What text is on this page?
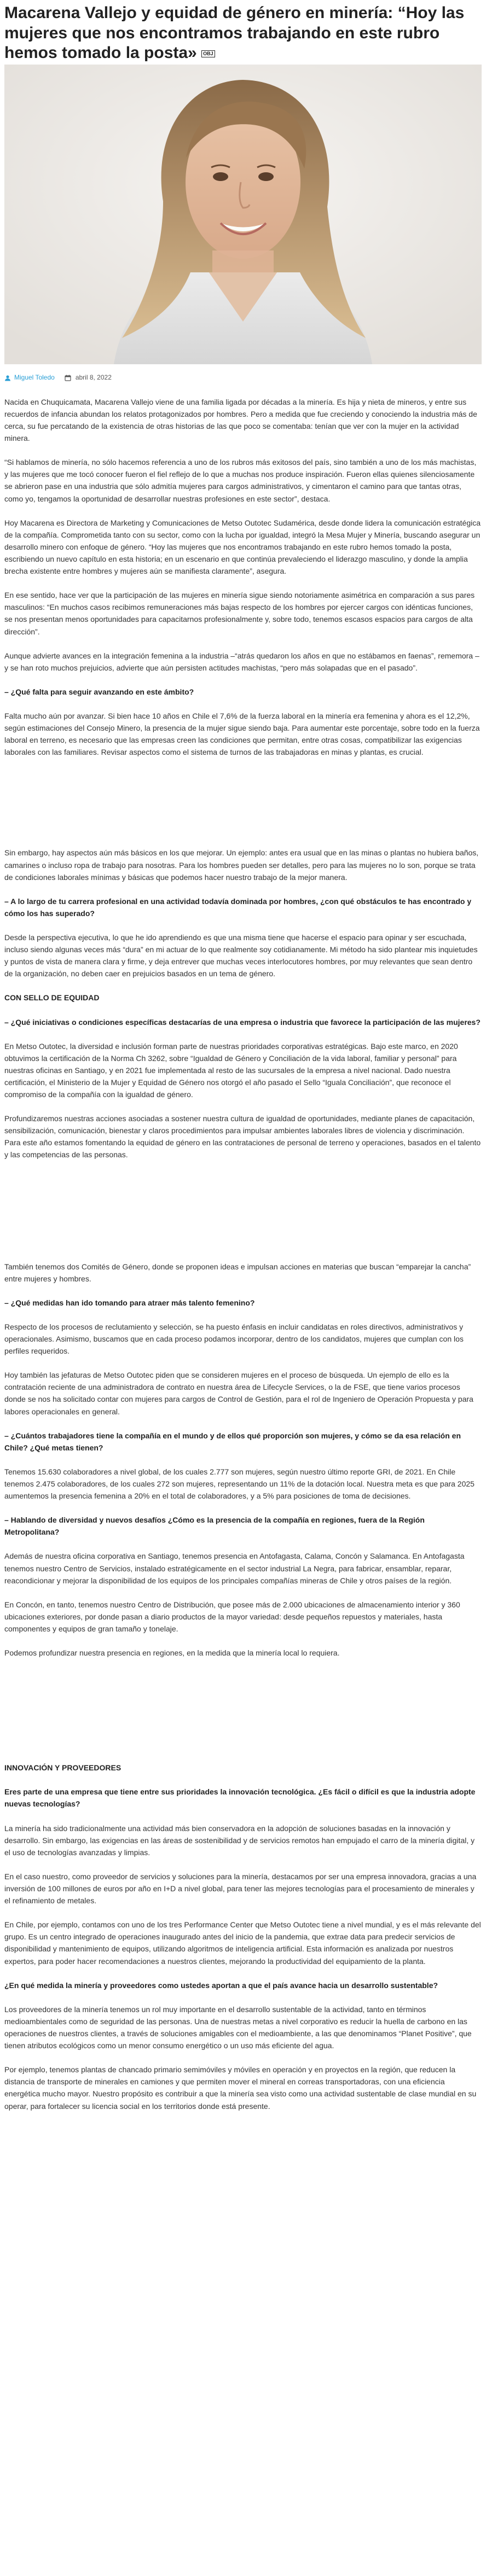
Macarena Vallejo y equidad de género en minería: “Hoy las mujeres que nos encontramos trabajando en este rubro hemos tomado la posta» OBJ
Miguel Toledo	abril 8, 2022

Nacida en Chuquicamata, Macarena Vallejo viene de una familia ligada por décadas a la minería. Es hija y nieta de mineros, y entre sus recuerdos de infancia abundan los relatos protagonizados por hombres. Pero a medida que fue creciendo y conociendo la industria más de cerca, su fue percatando de la existencia de otras historias de las que poco se comentaba: tenían que ver con la mujer en la actividad minera.

“Si hablamos de minería, no sólo hacemos referencia a uno de los rubros más exitosos del país, sino también a uno de los más machistas, y las mujeres que me tocó conocer fueron el fiel reflejo de lo que a muchas nos produce inspiración. Fueron ellas quienes silenciosamente se abrieron pase en una industria que sólo admitía mujeres para cargos administrativos, y cimentaron el camino para que tantas otras, como yo, tengamos la oportunidad de desarrollar nuestras profesiones en este sector”, destaca.

Hoy Macarena es Directora de Marketing y Comunicaciones de Metso Outotec Sudamérica, desde donde lidera la comunicación estratégica de la compañía. Comprometida tanto con su sector, como con la lucha por igualdad, integró la Mesa Mujer y Minería, buscando asegurar un desarrollo minero con enfoque de género. “Hoy las mujeres que nos encontramos trabajando en este rubro hemos tomado la posta, escribiendo un nuevo capítulo en esta historia; en un escenario en que continúa prevaleciendo el liderazgo masculino, y donde la amplia brecha existente entre hombres y mujeres aún se manifiesta claramente”, asegura.

En ese sentido, hace ver que la participación de las mujeres en minería sigue siendo notoriamente asimétrica en comparación a sus pares masculinos: “En muchos casos recibimos remuneraciones más bajas respecto de los hombres por ejercer cargos con idénticas funciones, se nos presentan menos oportunidades para capacitarnos profesionalmente y, sobre todo, tenemos escasos espacios para cargos de alta dirección”.

Aunque advierte avances en la integración femenina a la industria –“atrás quedaron los años en que no estábamos en faenas”, rememora – y se han roto muchos prejuicios, advierte que aún persisten actitudes machistas, “pero más solapadas que en el pasado”.

– ¿Qué falta para seguir avanzando en este ámbito?

Falta mucho aún por avanzar. Si bien hace 10 años en Chile el 7,6% de la fuerza laboral en la minería era femenina y ahora es el 12,2%, según estimaciones del Consejo Minero, la presencia de la mujer sigue siendo baja. Para aumentar este porcentaje, sobre todo en la fuerza laboral en terreno, es necesario que las empresas creen las condiciones que permitan, entre otras cosas, compatibilizar las exigencias laborales con las familiares. Revisar aspectos como el sistema de turnos de las trabajadoras en minas y plantas, es crucial.

Sin embargo, hay aspectos aún más básicos en los que mejorar. Un ejemplo: antes era usual que en las minas o plantas no hubiera baños, camarines o incluso ropa de trabajo para nosotras. Para los hombres pueden ser detalles, pero para las mujeres no lo son, porque se trata de condiciones laborales mínimas y básicas que podemos hacer nuestro trabajo de la mejor manera.

– A lo largo de tu carrera profesional en una actividad todavía dominada por hombres, ¿con qué obstáculos te has encontrado y cómo los has superado?

Desde la perspectiva ejecutiva, lo que he ido aprendiendo es que una misma tiene que hacerse el espacio para opinar y ser escuchada, incluso siendo algunas veces más “dura” en mi actuar de lo que realmente soy cotidianamente. Mi método ha sido plantear mis inquietudes y puntos de vista de manera clara y firme, y deja entrever que muchas veces interlocutores hombres, por muy relevantes que sean dentro de la organización, no deben caer en prejuicios basados en un tema de género.

CON SELLO DE EQUIDAD

– ¿Qué iniciativas o condiciones específicas destacarías de una empresa o industria que favorece la participación de las mujeres?

En Metso Outotec, la diversidad e inclusión forman parte de nuestras prioridades corporativas estratégicas. Bajo este marco, en 2020 obtuvimos la certificación de la Norma Ch 3262, sobre “Igualdad de Género y Conciliación de la vida laboral, familiar y personal” para nuestras oficinas en Santiago, y en 2021 fue implementada al resto de las sucursales de la empresa a nivel nacional. Dado nuestra certificación, el Ministerio de la Mujer y Equidad de Género nos otorgó el año pasado el Sello “Iguala Conciliación”, que reconoce el compromiso de la compañía con la igualdad de género.

Profundizaremos nuestras acciones asociadas a sostener nuestra cultura de igualdad de oportunidades, mediante planes de capacitación, sensibilización, comunicación, bienestar y claros procedimientos para impulsar ambientes laborales libres de violencia y discriminación. Para este año estamos fomentando la equidad de género en las contrataciones de personal de terreno y operaciones, basados en el talento y las competencias de las personas.

También tenemos dos Comités de Género, donde se proponen ideas e impulsan acciones en materias que buscan “emparejar la cancha” entre mujeres y hombres.

– ¿Qué medidas han ido tomando para atraer más talento femenino?

Respecto de los procesos de reclutamiento y selección, se ha puesto énfasis en incluir candidatas en roles directivos, administrativos y operacionales. Asimismo, buscamos que en cada proceso podamos incorporar, dentro de los candidatos, mujeres que cumplan con los perfiles requeridos.

Hoy también las jefaturas de Metso Outotec piden que se consideren mujeres en el proceso de búsqueda. Un ejemplo de ello es la contratación reciente de una administradora de contrato en nuestra área de Lifecycle Services, o la de FSE, que tiene varios procesos donde se nos ha solicitado contar con mujeres para cargos de Control de Gestión, para el rol de Ingeniero de Operación Propuesta y para labores operacionales en general.

– ¿Cuántos trabajadores tiene la compañía en el mundo y de ellos qué proporción son mujeres, y cómo se da esa relación en Chile? ¿Qué metas tienen?

Tenemos 15.630 colaboradores a nivel global, de los cuales 2.777 son mujeres, según nuestro último reporte GRI, de 2021. En Chile tenemos 2.475 colaboradores, de los cuales 272 son mujeres, representando un 11% de la dotación local. Nuestra meta es que para 2025 aumentemos la presencia femenina a 20% en el total de colaboradores, y a 5% para posiciones de toma de decisiones.

– Hablando de diversidad y nuevos desafíos ¿Cómo es la presencia de la compañía en regiones, fuera de la Región Metropolitana?

Además de nuestra oficina corporativa en Santiago, tenemos presencia en Antofagasta, Calama, Concón y Salamanca. En Antofagasta tenemos nuestro Centro de Servicios, instalado estratégicamente en el sector industrial La Negra, para fabricar, ensamblar, reparar, reacondicionar y mejorar la disponibilidad de los equipos de los principales compañías mineras de Chile y otros países de la región.

En Concón, en tanto, tenemos nuestro Centro de Distribución, que posee más de 2.000 ubicaciones de almacenamiento interior y 360 ubicaciones exteriores, por donde pasan a diario productos de la mayor variedad: desde pequeños repuestos y materiales, hasta componentes y equipos de gran tamaño y tonelaje.

Podemos profundizar nuestra presencia en regiones, en la medida que la minería local lo requiera.

INNOVACIÓN Y PROVEEDORES

Eres parte de una empresa que tiene entre sus prioridades la innovación tecnológica. ¿Es fácil o difícil es que la industria adopte nuevas tecnologías?

La minería ha sido tradicionalmente una actividad más bien conservadora en la adopción de soluciones basadas en la innovación y desarrollo. Sin embargo, las exigencias en las áreas de sostenibilidad y de servicios remotos han empujado el carro de la minería digital, y el uso de tecnologías avanzadas y limpias.

En el caso nuestro, como proveedor de servicios y soluciones para la minería, destacamos por ser una empresa innovadora, gracias a una inversión de 100 millones de euros por año en I+D a nivel global, para tener las mejores tecnologías para el procesamiento de minerales y el refinamiento de metales.

En Chile, por ejemplo, contamos con uno de los tres Performance Center que Metso Outotec tiene a nivel mundial, y es el más relevante del grupo. Es un centro integrado de operaciones inaugurado antes del inicio de la pandemia, que extrae data para predecir servicios de disponibilidad y mantenimiento de equipos, utilizando algoritmos de inteligencia artificial. Esta información es analizada por nuestros expertos, para poder hacer recomendaciones a nuestros clientes, mejorando la productividad del equipamiento de la planta.

¿En qué medida la minería y proveedores como ustedes aportan a que el país avance hacia un desarrollo sustentable?

Los proveedores de la minería tenemos un rol muy importante en el desarrollo sustentable de la actividad, tanto en términos medioambientales como de seguridad de las personas. Una de nuestras metas a nivel corporativo es reducir la huella de carbono en las operaciones de nuestros clientes, a través de soluciones amigables con el medioambiente, a las que denominamos “Planet Positive”, que tienen atributos ecológicos como un menor consumo energético o un uso más eficiente del agua.

Por ejemplo, tenemos plantas de chancado primario semimóviles y móviles en operación y en proyectos en la región, que reducen la distancia de transporte de minerales en camiones y que permiten mover el mineral en correas transportadoras, con una eficiencia energética mucho mayor. Nuestro propósito es contribuir a que la minería sea visto como una actividad sustentable de clase mundial en su operar, para fortalecer su licencia social en los territorios donde está presente.
